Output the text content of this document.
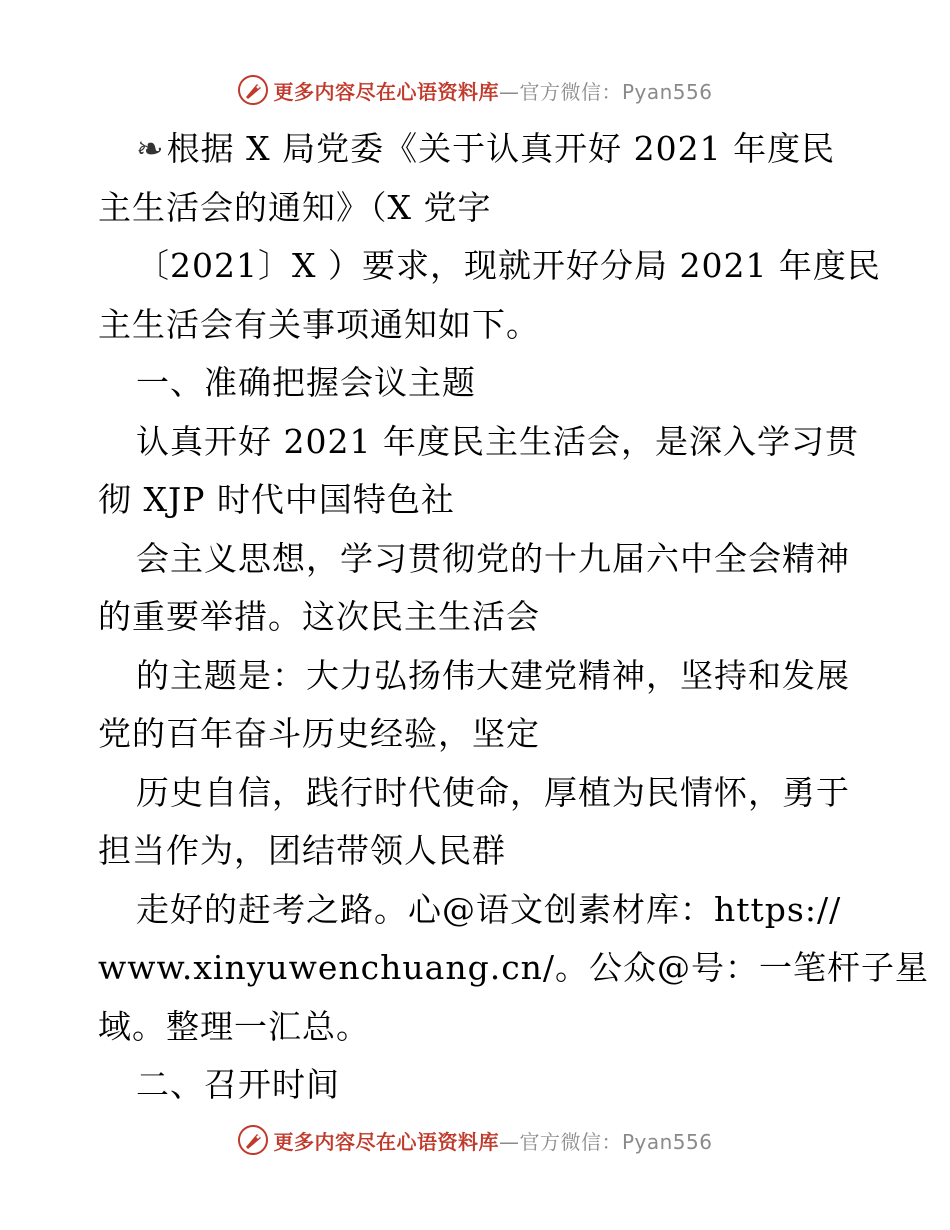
更多内容尽在心语资料库 —官方微信：Pyan556
❧根据 X 局党委《关于认真开好 2021 年度民
主生活会的通知》（X 党字
〔2021〕X ）要求，现就开好分局 2021 年度民
主生活会有关事项通知如下。
一、准确把握会议主题
认真开好 2021 年度民主生活会，是深入学习贯
彻 XJP 时代中国特色社
会主义思想，学习贯彻党的十九届六中全会精神
的重要举措。这次民主生活会
的主题是：大力弘扬伟大建党精神，坚持和发展
党的百年奋斗历史经验，坚定
历史自信，践行时代使命，厚植为民情怀，勇于
担当作为，团结带领人民群
走好的赶考之路。心@语文创素材库：https://
www.xinyuwenchuang.cn/。公众@号：一笔杆子星
域。整理一汇总。
二、召开时间
更多内容尽在心语资料库 —官方微信：Pyan556
